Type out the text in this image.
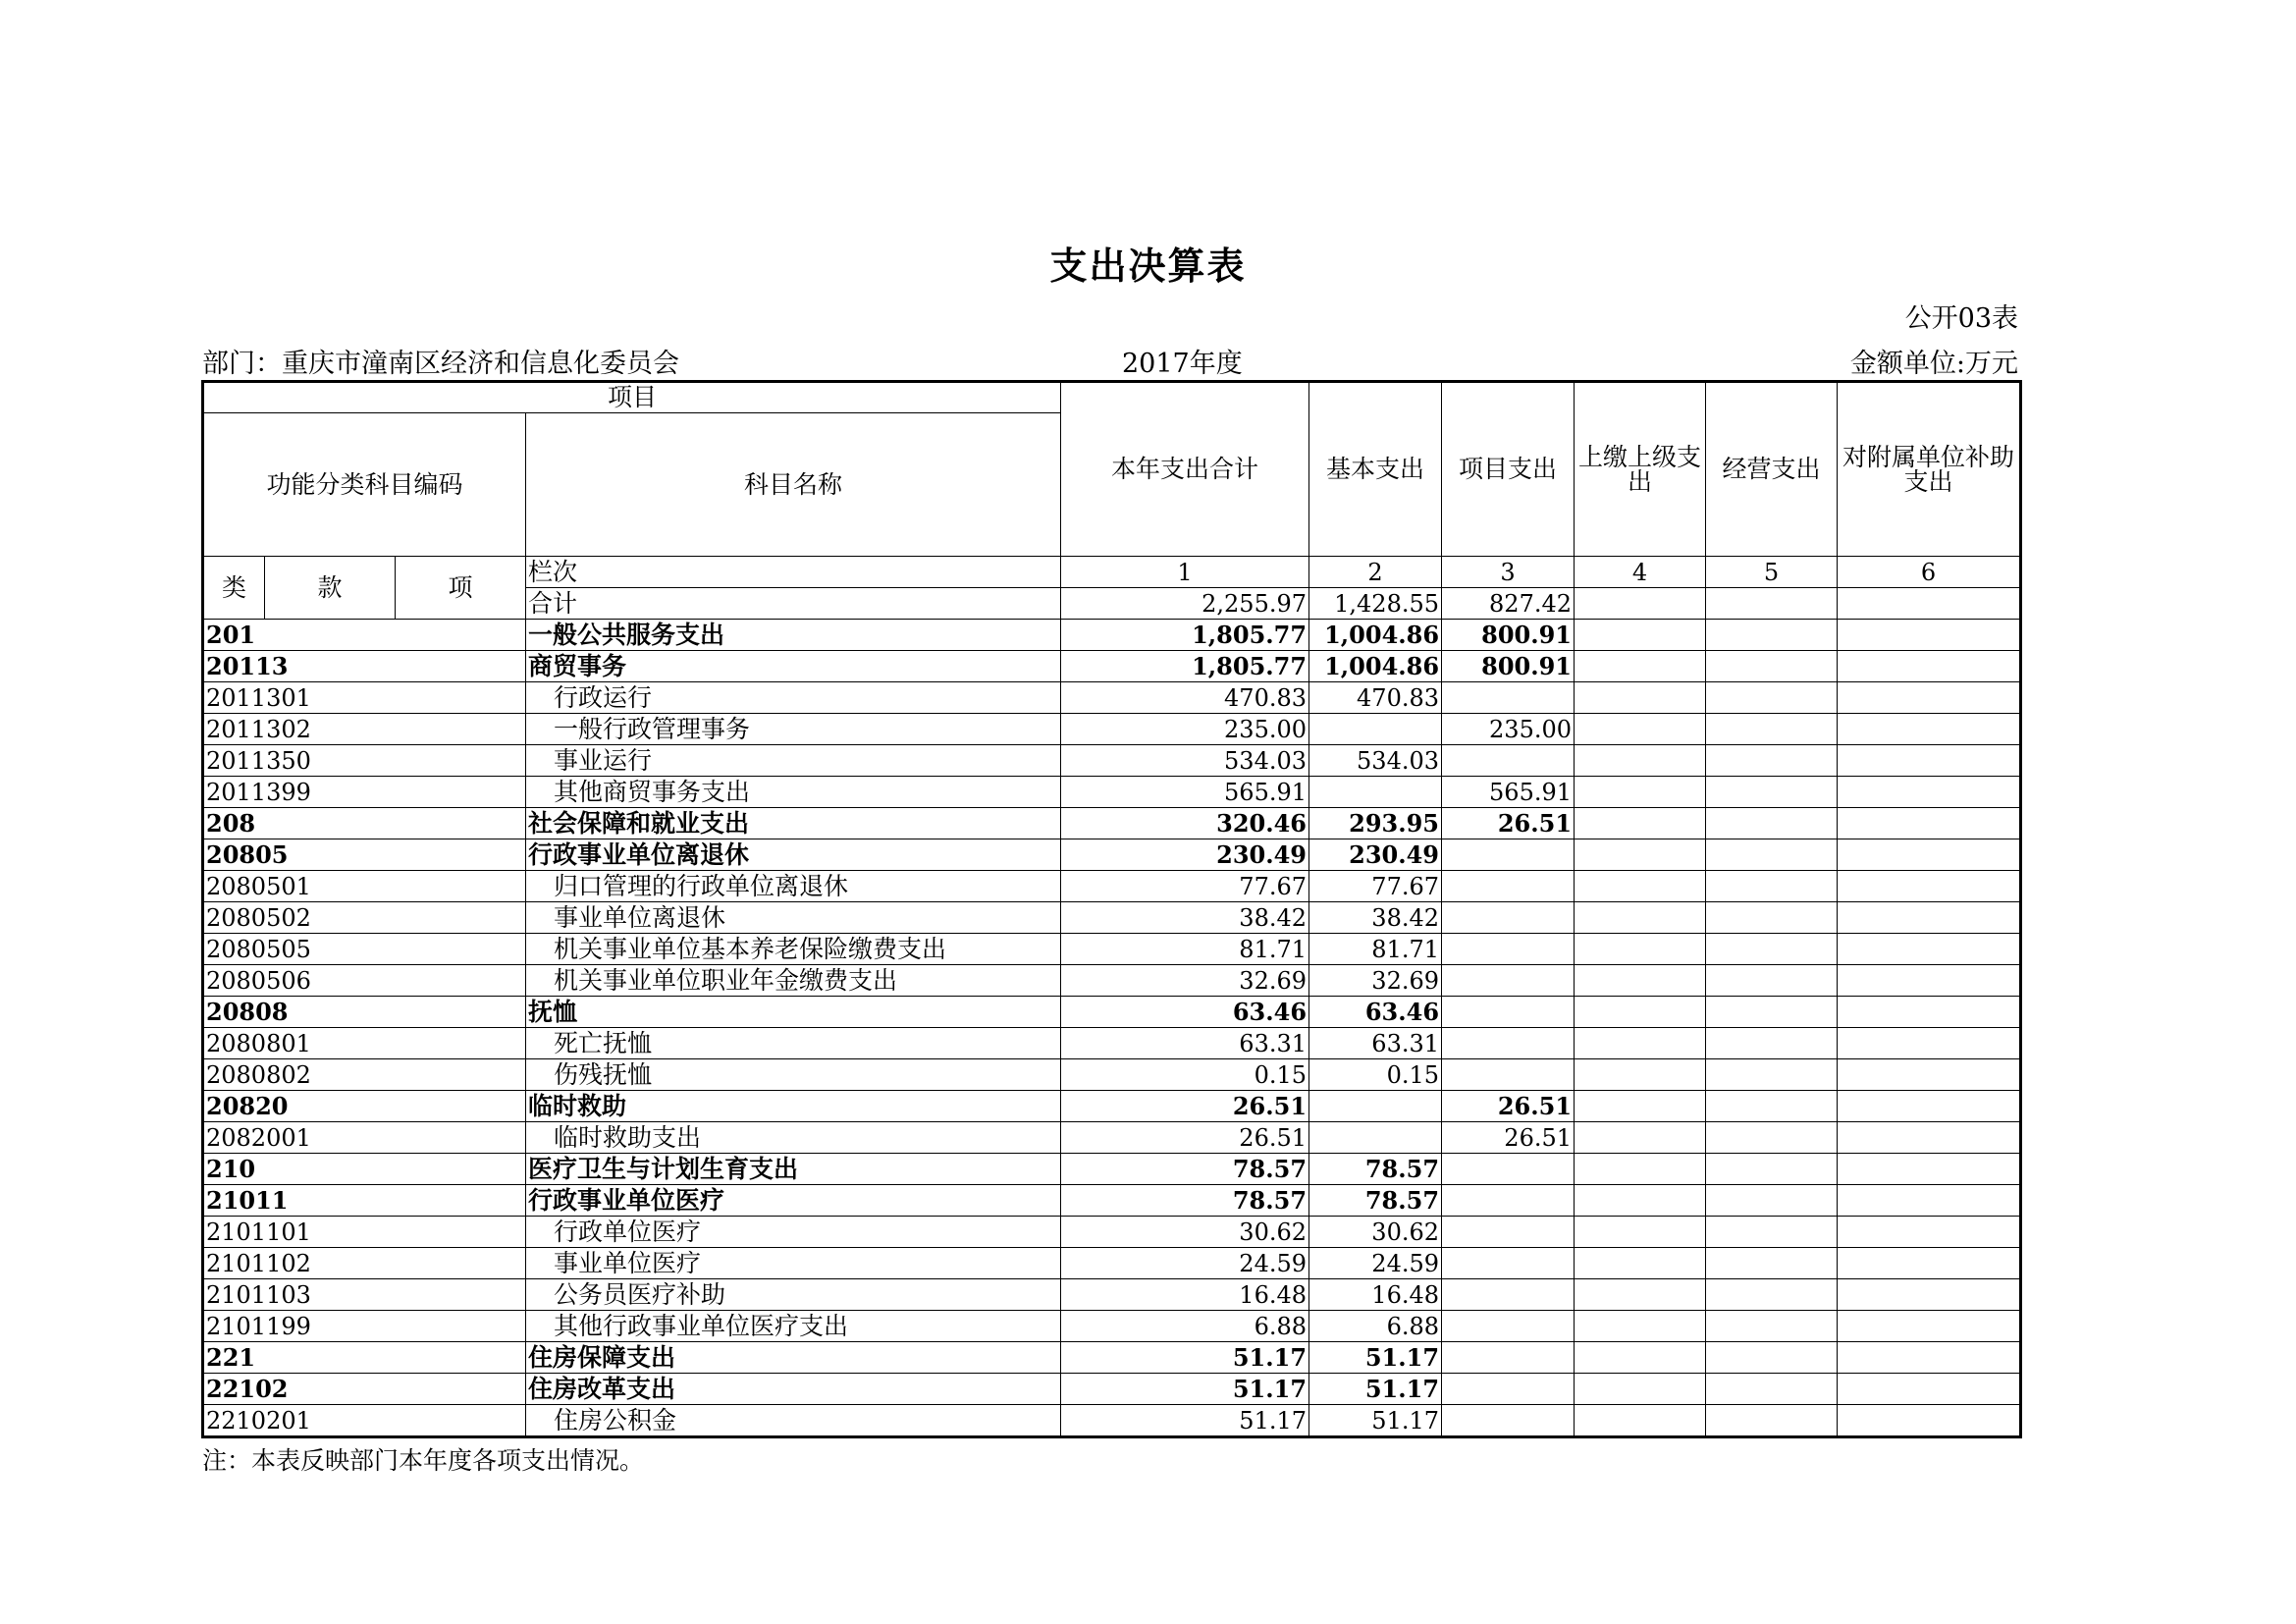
支出决算表
公开03表
部门：重庆市潼南区经济和信息化委员会	2017年度	金额单位:万元
项目				本年支出合计	基本支出	项目支出	上缴上级支出	经营支出	对附属单位补助支出
功能分类科目编码			科目名称						
类	款	项	栏次	1	2	3	4	5	6
			合计	2,255.97	1,428.55	827.42			
201			一般公共服务支出	1,805.77	1,004.86	800.91			
20113			商贸事务	1,805.77	1,004.86	800.91			
2011301			行政运行	470.83	470.83				
2011302			一般行政管理事务	235.00		235.00			
2011350			事业运行	534.03	534.03				
2011399			其他商贸事务支出	565.91		565.91			
208			社会保障和就业支出	320.46	293.95	26.51			
20805			行政事业单位离退休	230.49	230.49				
2080501			归口管理的行政单位离退休	77.67	77.67				
2080502			事业单位离退休	38.42	38.42				
2080505			机关事业单位基本养老保险缴费支出	81.71	81.71				
2080506			机关事业单位职业年金缴费支出	32.69	32.69				
20808			抚恤	63.46	63.46				
2080801			死亡抚恤	63.31	63.31				
2080802			伤残抚恤	0.15	0.15				
20820			临时救助	26.51		26.51			
2082001			临时救助支出	26.51		26.51			
210			医疗卫生与计划生育支出	78.57	78.57				
21011			行政事业单位医疗	78.57	78.57				
2101101			行政单位医疗	30.62	30.62				
2101102			事业单位医疗	24.59	24.59				
2101103			公务员医疗补助	16.48	16.48				
2101199			其他行政事业单位医疗支出	6.88	6.88				
221			住房保障支出	51.17	51.17				
22102			住房改革支出	51.17	51.17				
2210201			住房公积金	51.17	51.17				
注：本表反映部门本年度各项支出情况。
